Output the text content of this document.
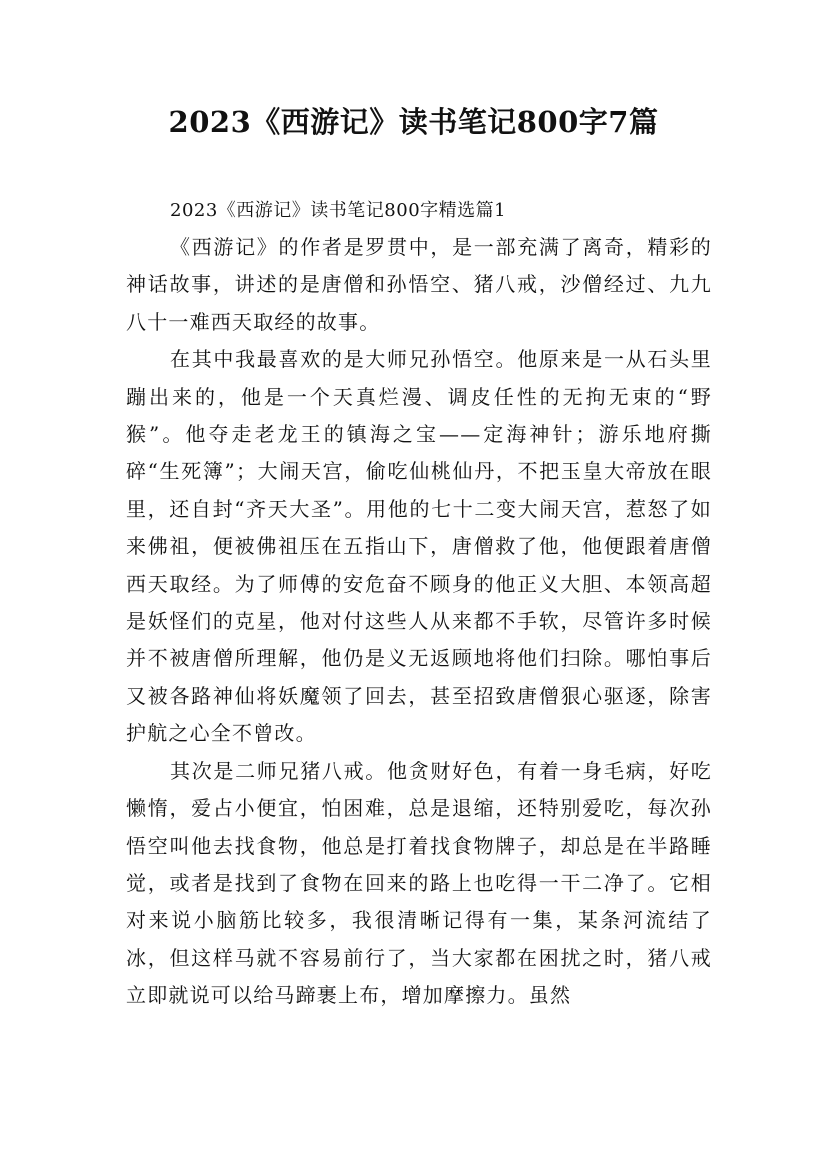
2023《西游记》读书笔记800字7篇
2023《西游记》读书笔记800字精选篇1

《西游记》的作者是罗贯中，是一部充满了离奇，精彩的神话故事，讲述的是唐僧和孙悟空、猪八戒，沙僧经过、九九八十一难西天取经的故事。

在其中我最喜欢的是大师兄孙悟空。他原来是一从石头里蹦出来的，他是一个天真烂漫、调皮任性的无拘无束的“野猴”。他夺走老龙王的镇海之宝——定海神针；游乐地府撕碎“生死簿”；大闹天宫，偷吃仙桃仙丹，不把玉皇大帝放在眼里，还自封“齐天大圣”。用他的七十二变大闹天宫，惹怒了如来佛祖，便被佛祖压在五指山下，唐僧救了他，他便跟着唐僧西天取经。为了师傅的安危奋不顾身的他正义大胆、本领高超是妖怪们的克星，他对付这些人从来都不手软，尽管许多时候并不被唐僧所理解，他仍是义无返顾地将他们扫除。哪怕事后又被各路神仙将妖魔领了回去，甚至招致唐僧狠心驱逐，除害护航之心全不曾改。

其次是二师兄猪八戒。他贪财好色，有着一身毛病，好吃懒惰，爱占小便宜，怕困难，总是退缩，还特别爱吃，每次孙悟空叫他去找食物，他总是打着找食物牌子，却总是在半路睡觉，或者是找到了食物在回来的路上也吃得一干二净了。它相对来说小脑筋比较多，我很清晰记得有一集，某条河流结了冰，但这样马就不容易前行了，当大家都在困扰之时，猪八戒立即就说可以给马蹄裹上布，增加摩擦力。虽然
